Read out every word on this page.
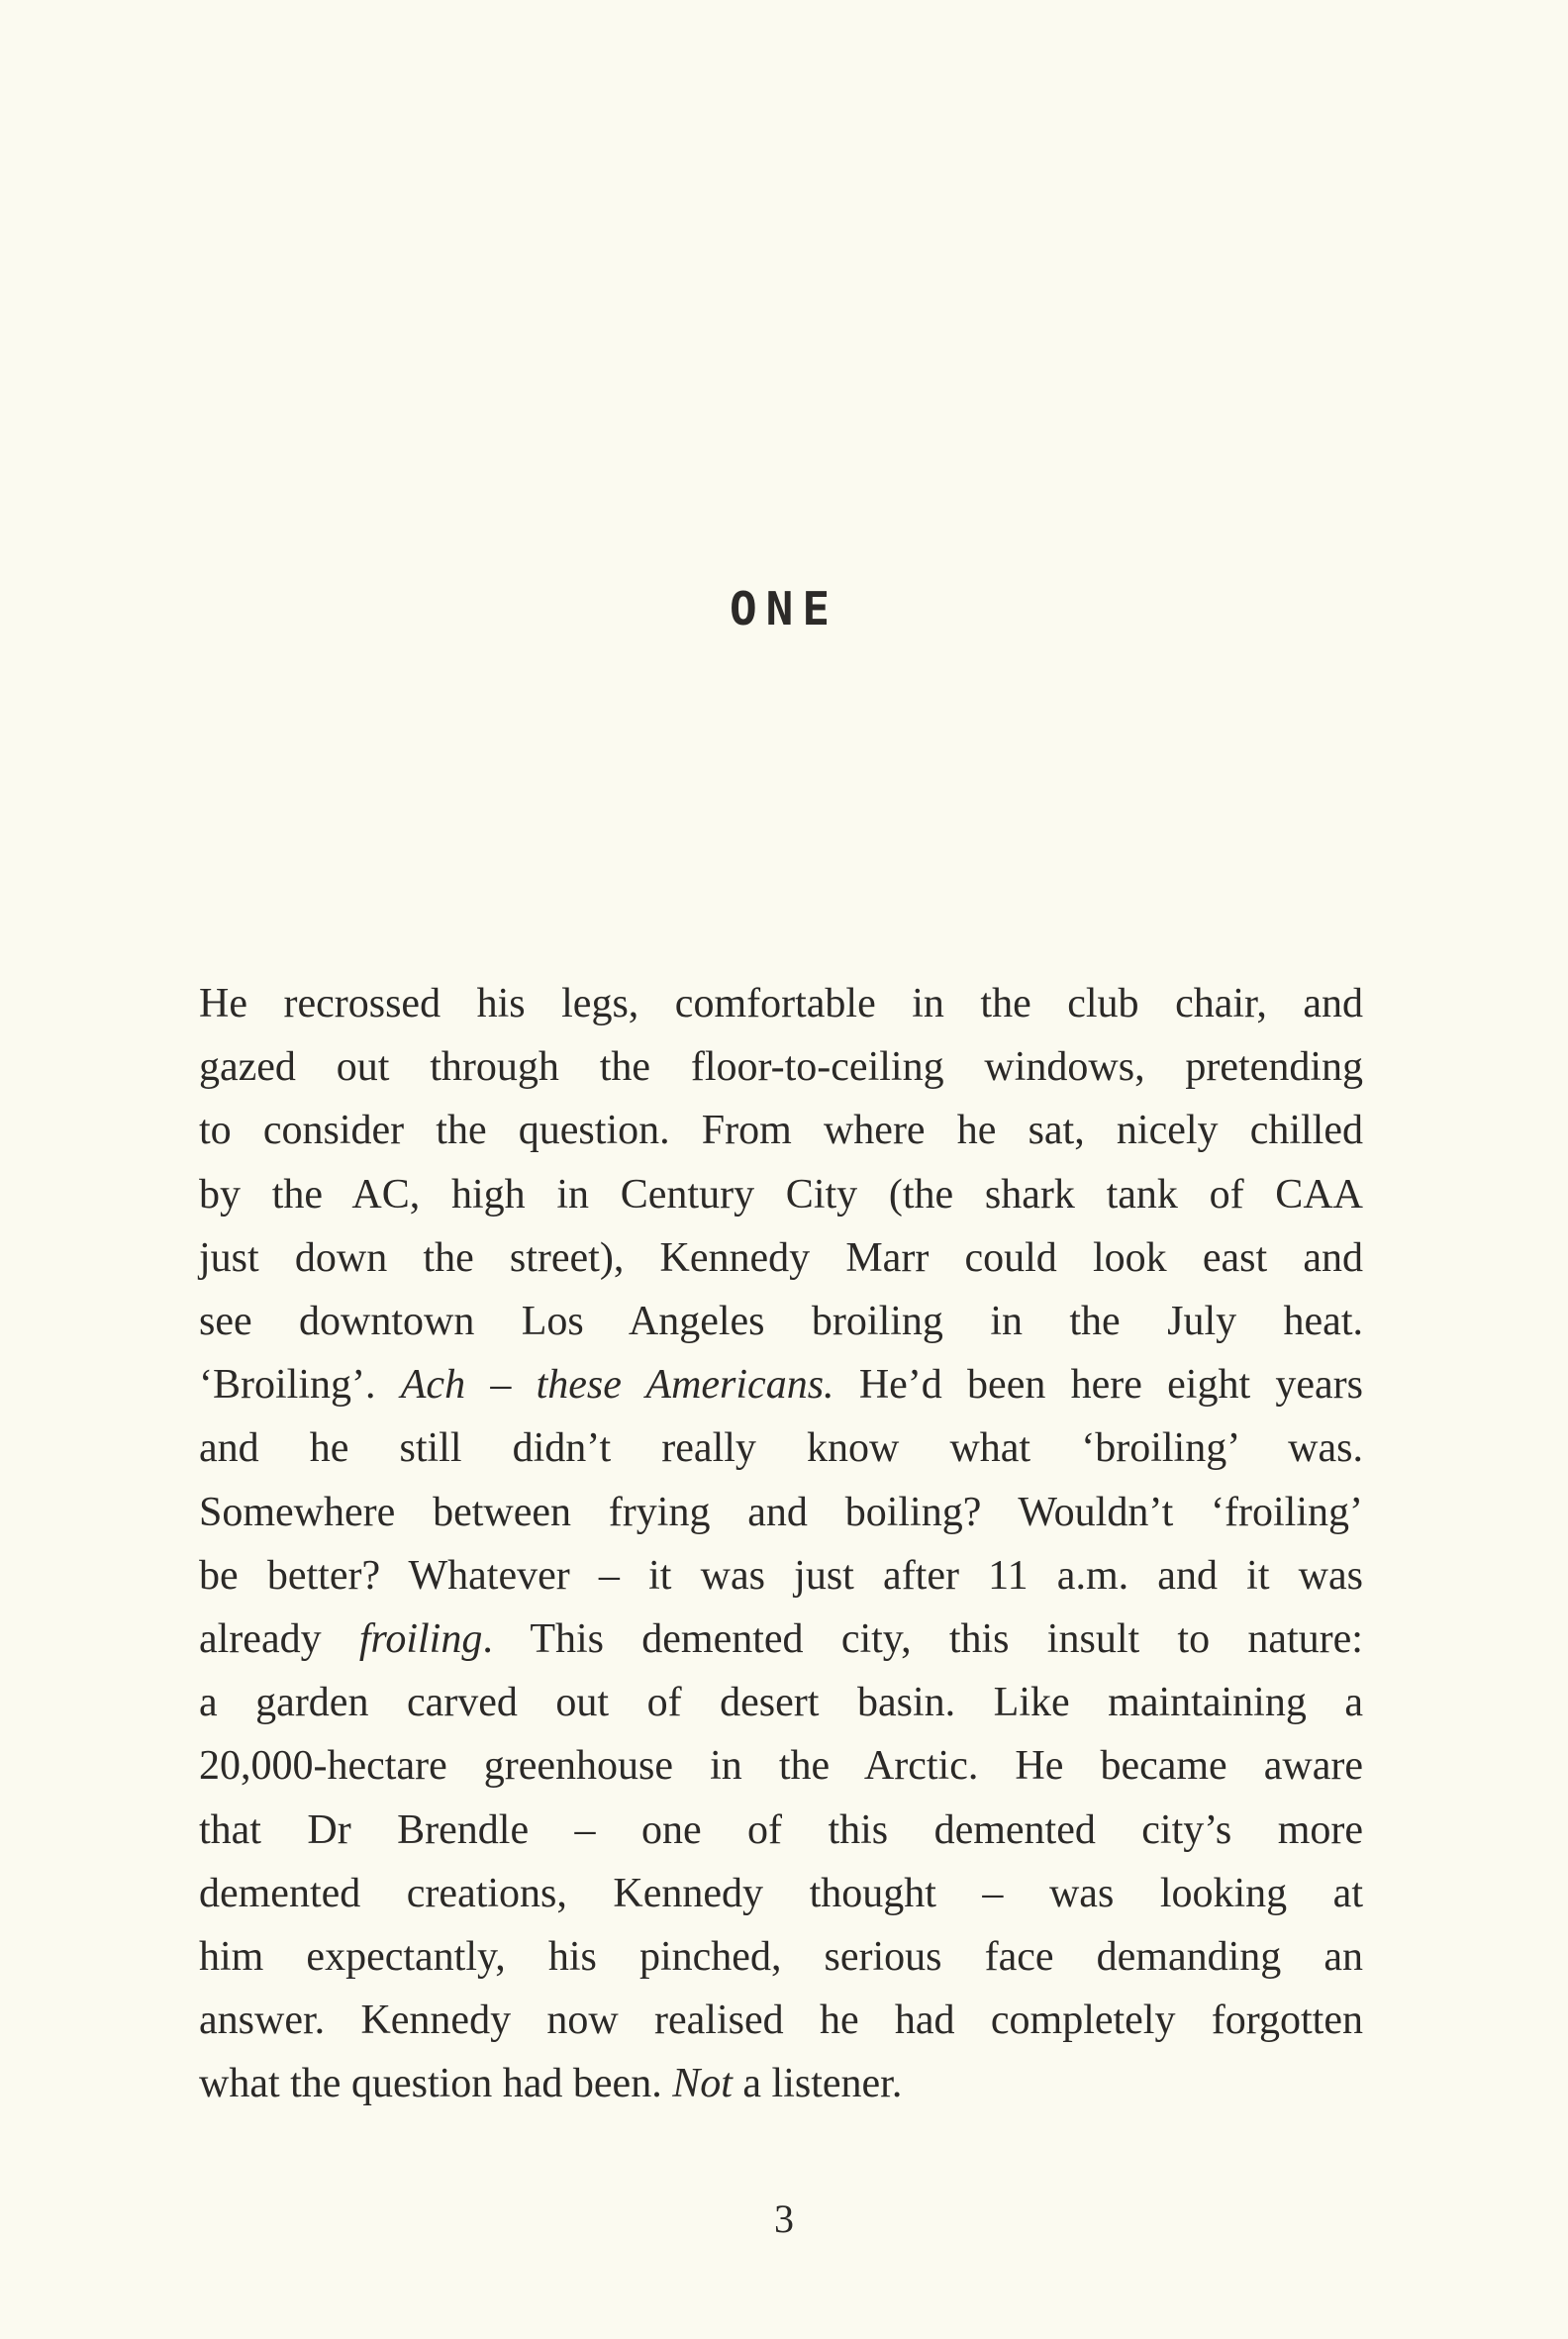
ONE
He recrossed his legs, comfortable in the club chair, and
gazed out through the floor-to-ceiling windows, pretending
to consider the question. From where he sat, nicely chilled
by the AC, high in Century City (the shark tank of CAA
just down the street), Kennedy Marr could look east and
see downtown Los Angeles broiling in the July heat.
‘Broiling’. Ach – these Americans. He’d been here eight years
and he still didn’t really know what ‘broiling’ was.
Somewhere between frying and boiling? Wouldn’t ‘froiling’
be better? Whatever – it was just after 11 a.m. and it was
already froiling. This demented city, this insult to nature:
a garden carved out of desert basin. Like maintaining a
20,000-hectare greenhouse in the Arctic. He became aware
that Dr Brendle – one of this demented city’s more
demented creations, Kennedy thought – was looking at
him expectantly, his pinched, serious face demanding an
answer. Kennedy now realised he had completely forgotten
what the question had been. Not a listener.
3
